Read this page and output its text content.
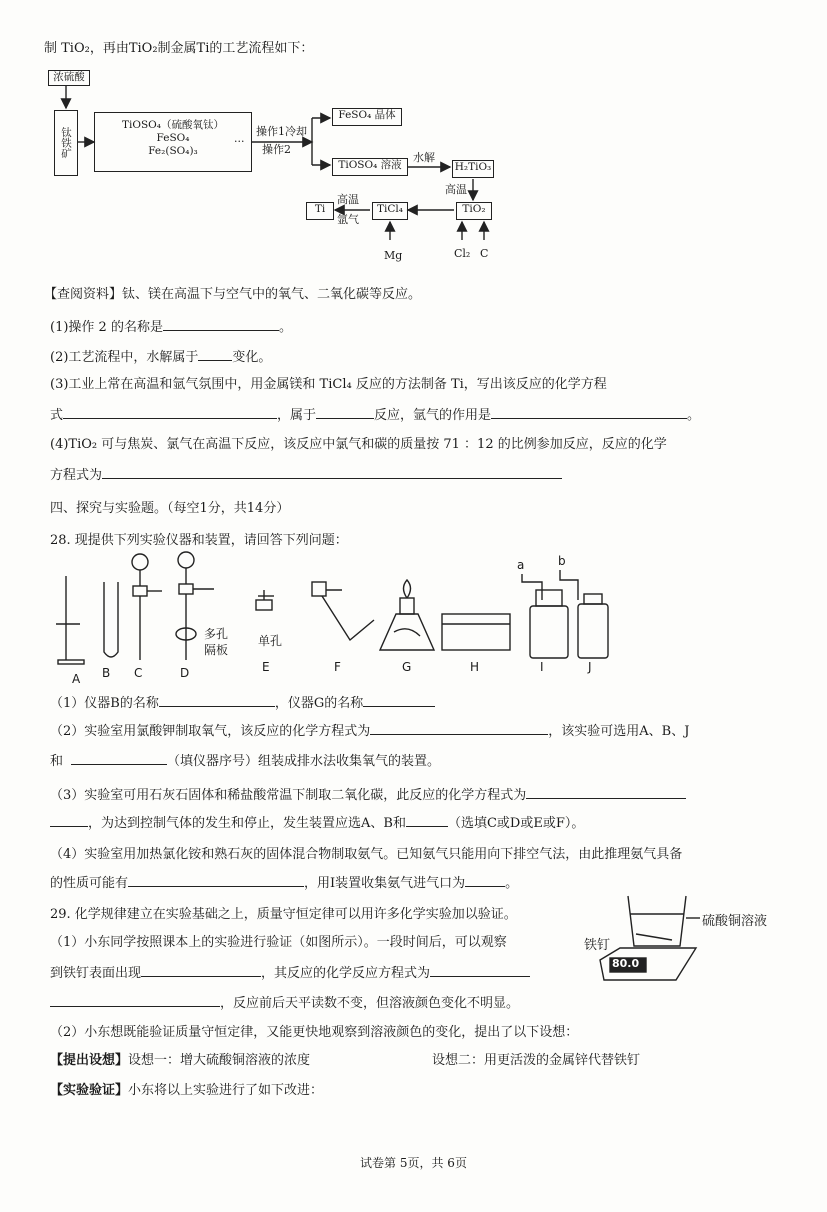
制 TiO₂，再由TiO₂制金属Ti的工艺流程如下：
浓硫酸
钛铁矿
TiOSO₄（硫酸氧钛）
FeSO₄
Fe₂(SO₄)₃
···
操作1冷却
操作2
FeSO₄ 晶体
TiOSO₄ 溶液
水解
H₂TiO₃
高温
TiO₂
TiCl₄
Ti
高温
氩气
Mg	Cl₂ C
【查阅资料】钛、镁在高温下与空气中的氧气、二氧化碳等反应。
(1)操作 2 的名称是	。
(2)工艺流程中，水解属于	变化。
(3)工业上常在高温和氩气氛围中，用金属镁和 TiCl₄ 反应的方法制备 Ti，写出该反应的化学方程
式	，属于	反应，氩气的作用是	。
(4)TiO₂ 可与焦炭、氯气在高温下反应，该反应中氯气和碳的质量按 71 ：12 的比例参加反应，反应的化学
方程式为
四、探究与实验题。（每空1分，共14分）
28. 现提供下列实验仪器和装置，请回答下列问题：
多孔
隔板
单孔
a	b
A B C	D	E	F	G	H	I	J
（1）仪器B的名称	，仪器G的名称
（2）实验室用氯酸钾制取氧气，该反应的化学方程式为	，该实验可选用A、B、J
和	（填仪器序号）组装成排水法收集氧气的装置。
（3）实验室可用石灰石固体和稀盐酸常温下制取二氧化碳，此反应的化学方程式为
，为达到控制气体的发生和停止，发生装置应选A、B和	（选填C或D或E或F）。
（4）实验室用加热氯化铵和熟石灰的固体混合物制取氨气。已知氨气只能用向下排空气法，由此推理氨气具备
的性质可能有	，用I装置收集氨气进气口为	。
29. 化学规律建立在实验基础之上，质量守恒定律可以用许多化学实验加以验证。
（1）小东同学按照课本上的实验进行验证（如图所示）。一段时间后，可以观察
到铁钉表面出现	，其反应的化学反应方程式为
，反应前后天平读数不变，但溶液颜色变化不明显。
80.0
硫酸铜溶液
铁钉
（2）小东想既能验证质量守恒定律，又能更快地观察到溶液颜色的变化，提出了以下设想：
【提出设想】设想一：增大硫酸铜溶液的浓度	设想二：用更活泼的金属锌代替铁钉
【实验验证】小东将以上实验进行了如下改进：
试卷第 5页，共 6页
